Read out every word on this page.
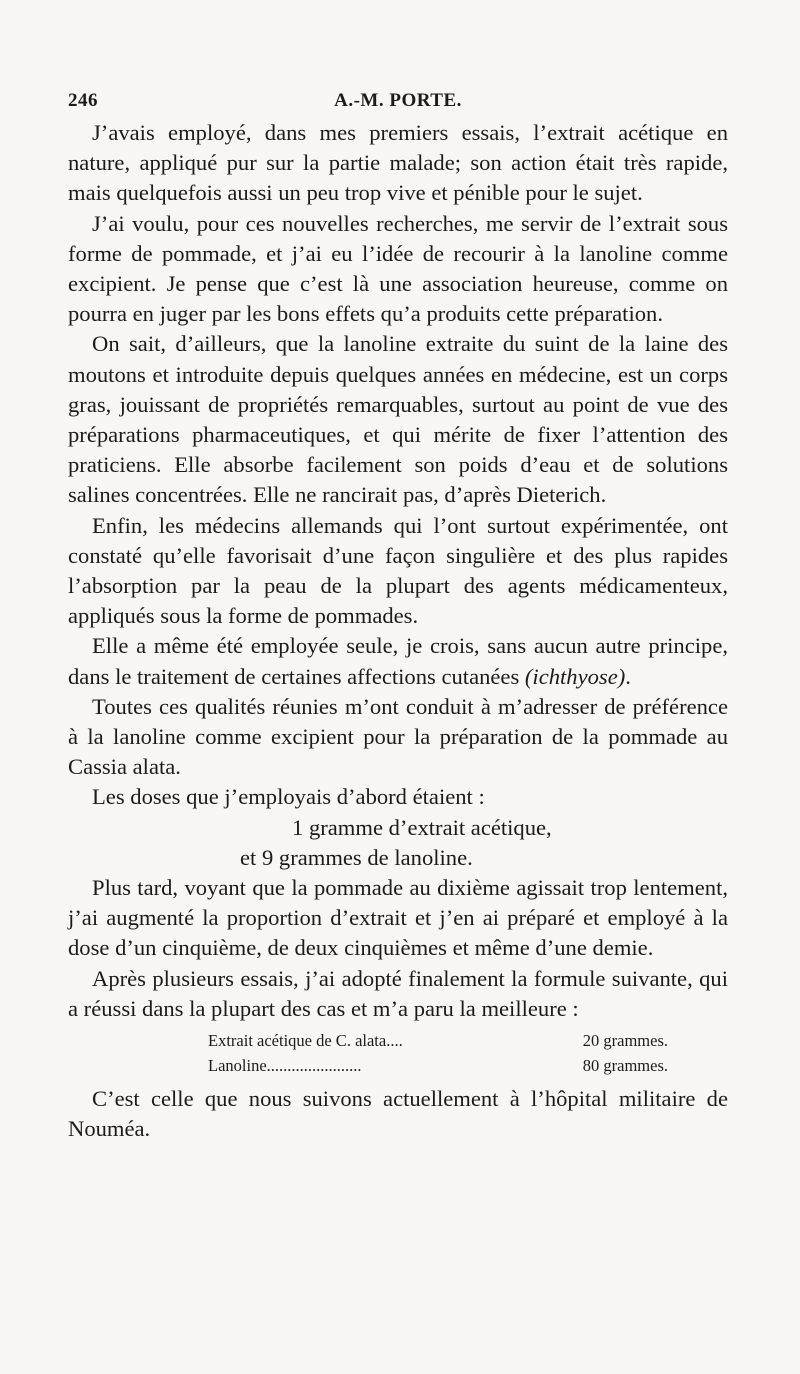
246	A.-M. PORTE.

J’avais employé, dans mes premiers essais, l’extrait acétique en nature, appliqué pur sur la partie malade; son action était très rapide, mais quelquefois aussi un peu trop vive et pénible pour le sujet.

J’ai voulu, pour ces nouvelles recherches, me servir de l’extrait sous forme de pommade, et j’ai eu l’idée de recourir à la lanoline comme excipient. Je pense que c’est là une association heureuse, comme on pourra en juger par les bons effets qu’a produits cette préparation.

On sait, d’ailleurs, que la lanoline extraite du suint de la laine des moutons et introduite depuis quelques années en médecine, est un corps gras, jouissant de propriétés remarquables, surtout au point de vue des préparations pharmaceutiques, et qui mérite de fixer l’attention des praticiens. Elle absorbe facilement son poids d’eau et de solutions salines concentrées. Elle ne rancirait pas, d’après Dieterich.

Enfin, les médecins allemands qui l’ont surtout expérimentée, ont constaté qu’elle favorisait d’une façon singulière et des plus rapides l’absorption par la peau de la plupart des agents médicamenteux, appliqués sous la forme de pommades.

Elle a même été employée seule, je crois, sans aucun autre principe, dans le traitement de certaines affections cutanées (ichthyose).

Toutes ces qualités réunies m’ont conduit à m’adresser de préférence à la lanoline comme excipient pour la préparation de la pommade au Cassia alata.

Les doses que j’employais d’abord étaient :

1 gramme d’extrait acétique,

et 9 grammes de lanoline.

Plus tard, voyant que la pommade au dixième agissait trop lentement, j’ai augmenté la proportion d’extrait et j’en ai préparé et employé à la dose d’un cinquième, de deux cinquièmes et même d’une demie.

Après plusieurs essais, j’ai adopté finalement la formule suivante, qui a réussi dans la plupart des cas et m’a paru la meilleure :

Extrait acétique de C. alata....	20 grammes.
Lanoline.......................	80 grammes.

C’est celle que nous suivons actuellement à l’hôpital militaire de Nouméa.
